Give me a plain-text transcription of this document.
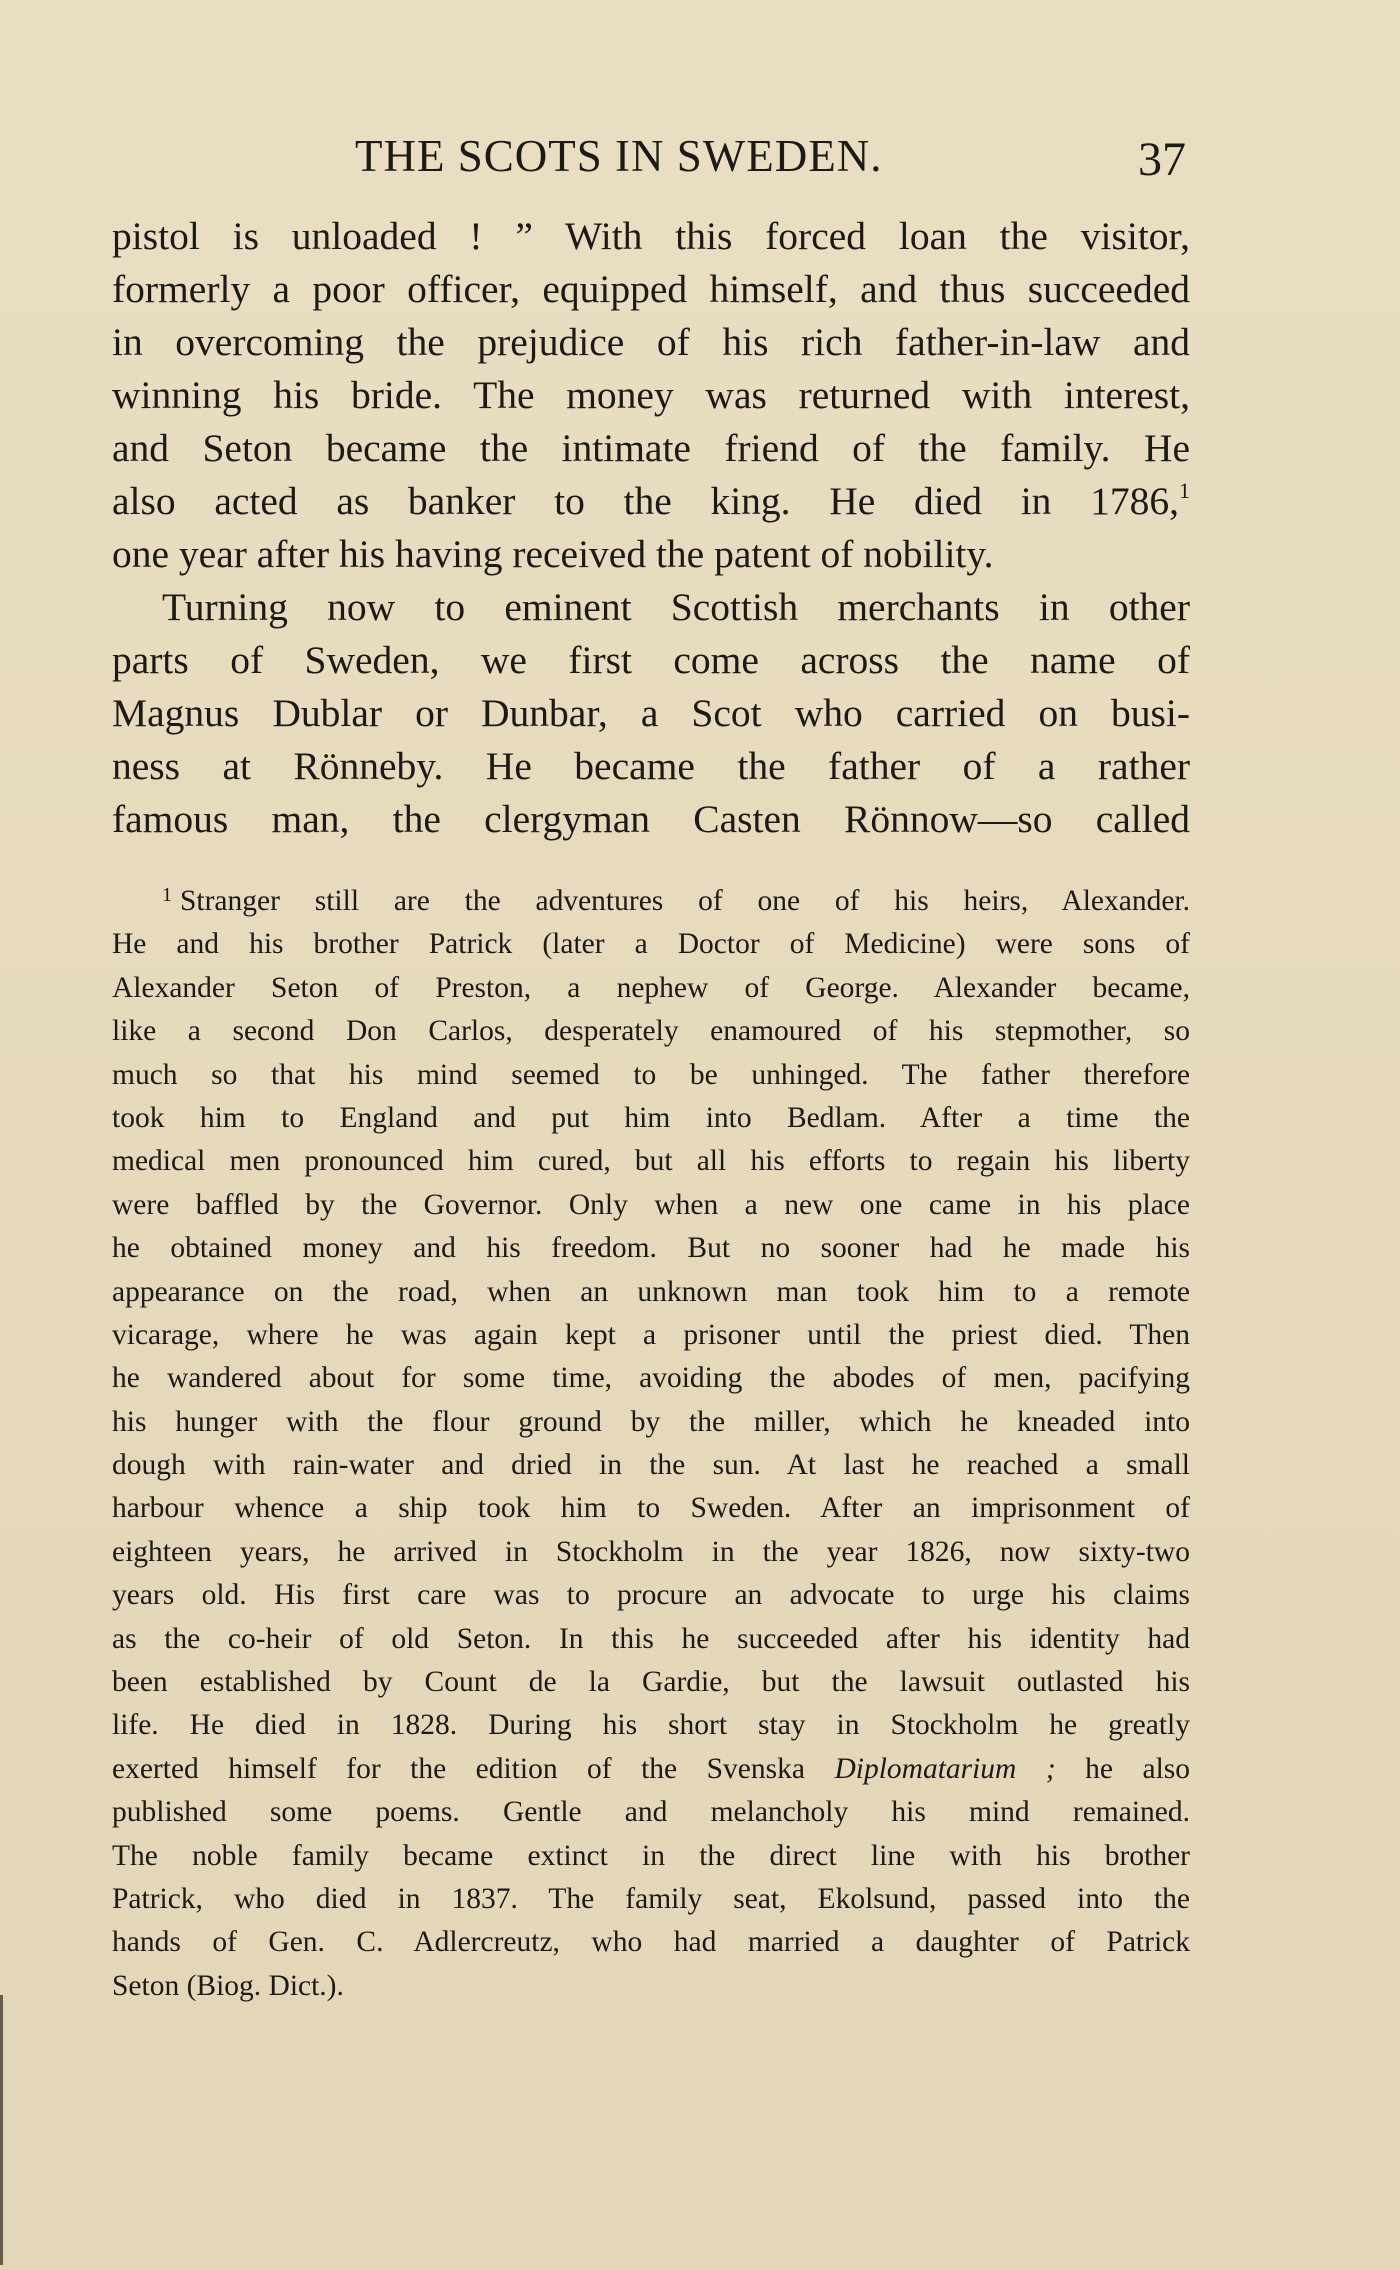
THE SCOTS IN SWEDEN.	37
pistol is unloaded ! ” With this forced loan the visitor,
formerly a poor officer, equipped himself, and thus succeeded
in overcoming the prejudice of his rich father-in-law and
winning his bride. The money was returned with interest,
and Seton became the intimate friend of the family. He
also acted as banker to the king. He died in 1786,$^1$
one year after his having received the patent of nobility.
Turning now to eminent Scottish merchants in other
parts of Sweden, we first come across the name of
Magnus Dublar or Dunbar, a Scot who carried on busi-
ness at Rönneby. He became the father of a rather
famous man, the clergyman Casten Rönnow—so called
$^1$ Stranger still are the adventures of one of his heirs, Alexander.
He and his brother Patrick (later a Doctor of Medicine) were sons of
Alexander Seton of Preston, a nephew of George. Alexander became,
like a second Don Carlos, desperately enamoured of his stepmother, so
much so that his mind seemed to be unhinged. The father therefore
took him to England and put him into Bedlam. After a time the
medical men pronounced him cured, but all his efforts to regain his liberty
were baffled by the Governor. Only when a new one came in his place
he obtained money and his freedom. But no sooner had he made his
appearance on the road, when an unknown man took him to a remote
vicarage, where he was again kept a prisoner until the priest died. Then
he wandered about for some time, avoiding the abodes of men, pacifying
his hunger with the flour ground by the miller, which he kneaded into
dough with rain-water and dried in the sun. At last he reached a small
harbour whence a ship took him to Sweden. After an imprisonment of
eighteen years, he arrived in Stockholm in the year 1826, now sixty-two
years old. His first care was to procure an advocate to urge his claims
as the co-heir of old Seton. In this he succeeded after his identity had
been established by Count de la Gardie, but the lawsuit outlasted his
life. He died in 1828. During his short stay in Stockholm he greatly
exerted himself for the edition of the Svenska Diplomatarium ; he also
published some poems. Gentle and melancholy his mind remained.
The noble family became extinct in the direct line with his brother
Patrick, who died in 1837. The family seat, Ekolsund, passed into the
hands of Gen. C. Adlercreutz, who had married a daughter of Patrick
Seton (Biog. Dict.).
